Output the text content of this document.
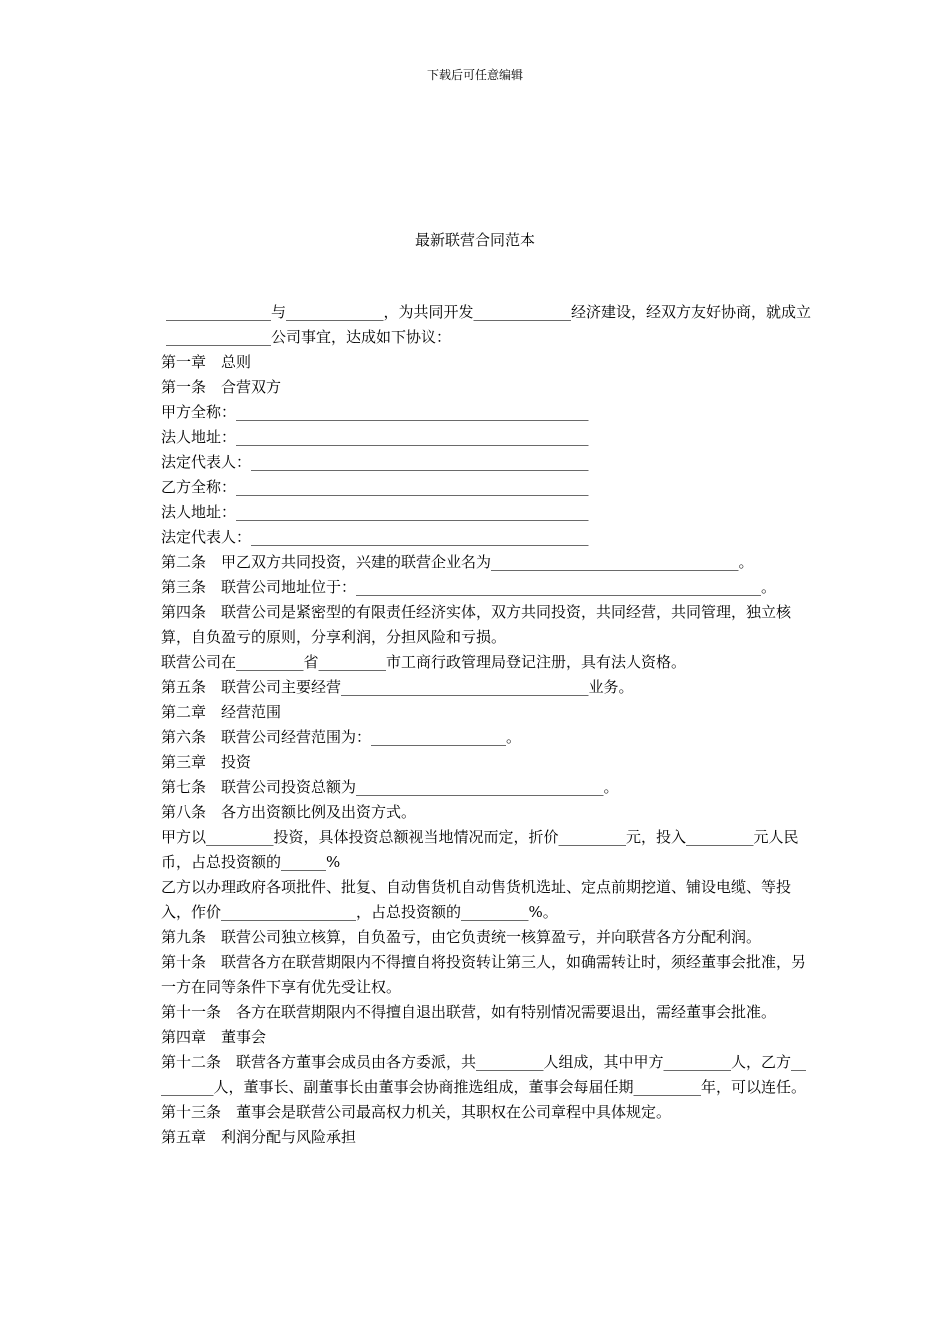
下载后可任意编辑
最新联营合同范本

______________与_____________，为共同开发_____________经济建设，经双方友好协商，就成立______________公司事宜，达成如下协议：

第一章　总则

第一条　合营双方

甲方全称：_______________________________________________

法人地址：_______________________________________________

法定代表人：_____________________________________________

乙方全称：_______________________________________________

法人地址：_______________________________________________

法定代表人：_____________________________________________

第二条　甲乙双方共同投资，兴建的联营企业名为_________________________________。

第三条　联营公司地址位于：______________________________________________________。

第四条　联营公司是紧密型的有限责任经济实体，双方共同投资，共同经营，共同管理，独立核算，自负盈亏的原则，分享利润，分担风险和亏损。

联营公司在_________省_________市工商行政管理局登记注册，具有法人资格。

第五条　联营公司主要经营_________________________________业务。

第二章　经营范围

第六条　联营公司经营范围为：__________________。

第三章　投资

第七条　联营公司投资总额为_________________________________。

第八条　各方出资额比例及出资方式。

甲方以_________投资，具体投资总额视当地情况而定，折价_________元，投入_________元人民币，占总投资额的______%

乙方以办理政府各项批件、批复、自动售货机自动售货机选址、定点前期挖道、铺设电缆、等投入，作价__________________，占总投资额的_________%。

第九条　联营公司独立核算，自负盈亏，由它负责统一核算盈亏，并向联营各方分配利润。

第十条　联营各方在联营期限内不得擅自将投资转让第三人，如确需转让时，须经董事会批准，另一方在同等条件下享有优先受让权。

第十一条　各方在联营期限内不得擅自退出联营，如有特别情况需要退出，需经董事会批准。

第四章　董事会

第十二条　联营各方董事会成员由各方委派，共_________人组成，其中甲方_________人，乙方_________人，董事长、副董事长由董事会协商推选组成，董事会每届任期_________年，可以连任。

第十三条　董事会是联营公司最高权力机关，其职权在公司章程中具体规定。

第五章　利润分配与风险承担
